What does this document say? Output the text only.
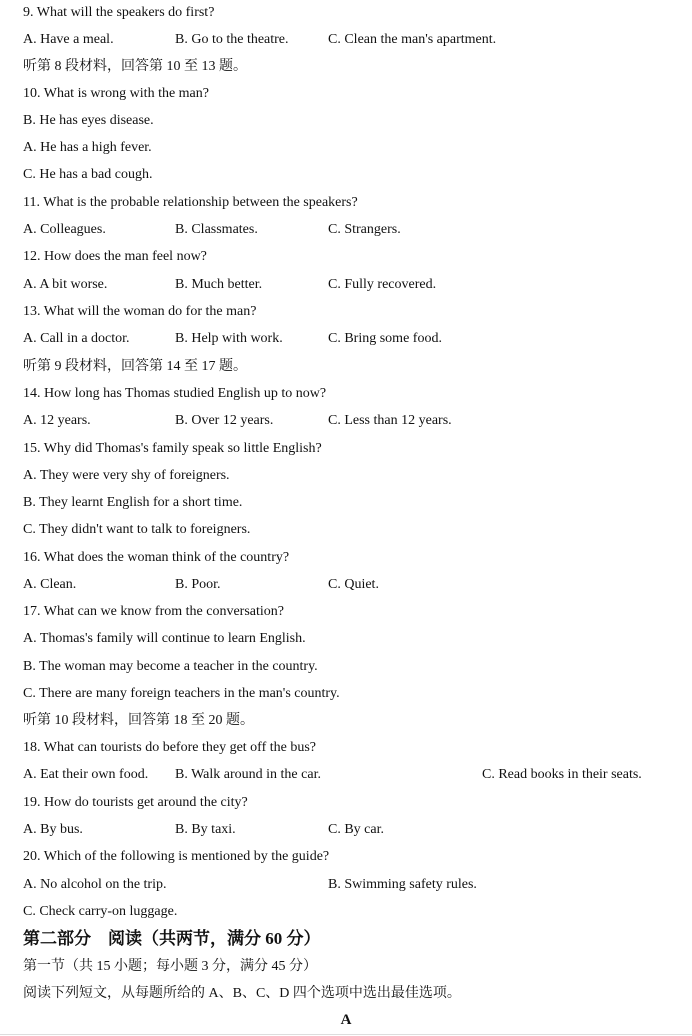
9. What will the speakers do first?
A. Have a meal.	B. Go to the theatre.	C. Clean the man's apartment.
听第 8 段材料，回答第 10 至 13 题。
10. What is wrong with the man?
B. He has eyes disease.
A. He has a high fever.
C. He has a bad cough.
11. What is the probable relationship between the speakers?
A. Colleagues.	B. Classmates.	C. Strangers.
12. How does the man feel now?
A. A bit worse.	B. Much better.	C. Fully recovered.
13. What will the woman do for the man?
A. Call in a doctor.	B. Help with work.	C. Bring some food.
听第 9 段材料，回答第 14 至 17 题。
14. How long has Thomas studied English up to now?
A. 12 years.	B. Over 12 years.	C. Less than 12 years.
15. Why did Thomas's family speak so little English?
A. They were very shy of foreigners.
B. They learnt English for a short time.
C. They didn't want to talk to foreigners.
16. What does the woman think of the country?
A. Clean.	B. Poor.	C. Quiet.
17. What can we know from the conversation?
A. Thomas's family will continue to learn English.
B. The woman may become a teacher in the country.
C. There are many foreign teachers in the man's country.
听第 10 段材料，回答第 18 至 20 题。
18. What can tourists do before they get off the bus?
A. Eat their own food. B. Walk around in the car.	C. Read books in their seats.
19. How do tourists get around the city?
A. By bus.	B. By taxi.	C. By car.
20. Which of the following is mentioned by the guide?
A. No alcohol on the trip.	B. Swimming safety rules.
C. Check carry-on luggage.
第二部分　阅读（共两节，满分 60 分）
第一节（共 15 小题；每小题 3 分，满分 45 分）
阅读下列短文，从每题所给的 A、B、C、D 四个选项中选出最佳选项。
A
